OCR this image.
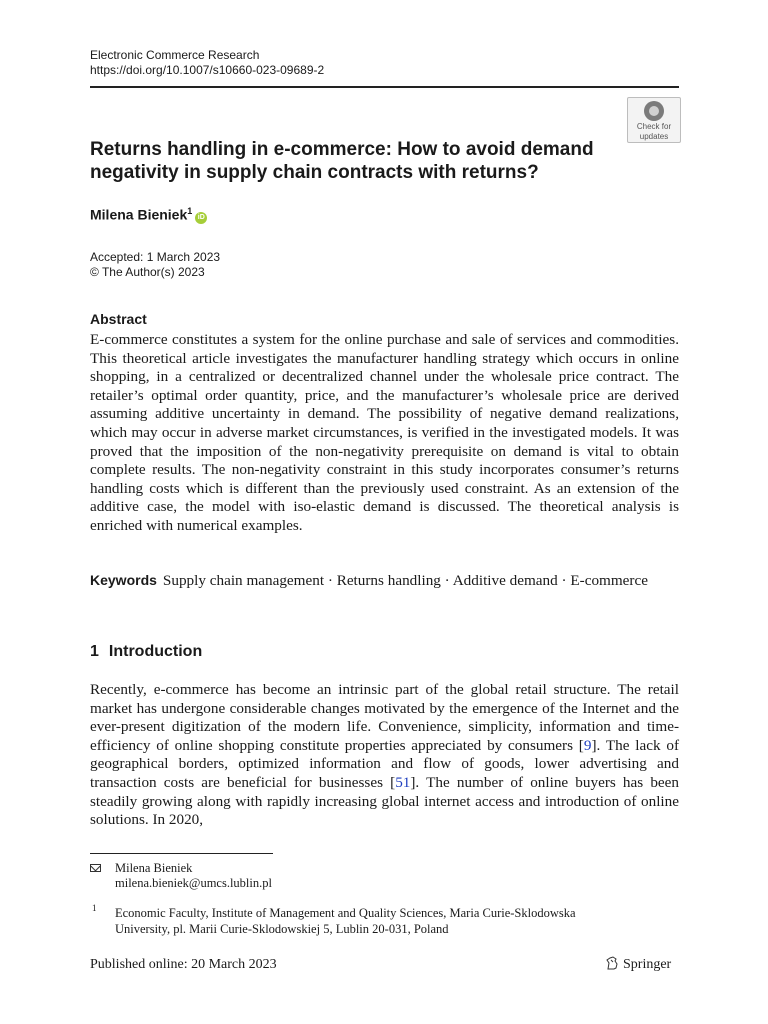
Electronic Commerce Research
https://doi.org/10.1007/s10660-023-09689-2
Check for
updates
Returns handling in e-commerce: How to avoid demand negativity in supply chain contracts with returns?
Milena Bieniek$^1$iD
Accepted: 1 March 2023
© The Author(s) 2023
Abstract
E-commerce constitutes a system for the online purchase and sale of services and commodities. This theoretical article investigates the manufacturer handling strategy which occurs in online shopping, in a centralized or decentralized channel under the wholesale price contract. The retailer’s optimal order quantity, price, and the manufacturer’s wholesale price are derived assuming additive uncertainty in demand. The possibility of negative demand realizations, which may occur in adverse market circumstances, is verified in the investigated models. It was proved that the imposition of the non-negativity prerequisite on demand is vital to obtain complete results. The non-negativity constraint in this study incorporates consumer’s returns handling costs which is different than the previously used constraint. As an extension of the additive case, the model with iso-elastic demand is discussed. The theoretical analysis is enriched with numerical examples.
Keywords Supply chain management · Returns handling · Additive demand · E-commerce
1 Introduction
Recently, e-commerce has become an intrinsic part of the global retail structure. The retail market has undergone considerable changes motivated by the emergence of the Internet and the ever-present digitization of the modern life. Convenience, simplicity, information and time-efficiency of online shopping constitute properties appreciated by consumers [9]. The lack of geographical borders, optimized information and flow of goods, lower advertising and transaction costs are beneficial for businesses [51]. The number of online buyers has been steadily growing along with rapidly increasing global internet access and introduction of online solutions. In 2020,
Milena Bieniek
milena.bieniek@umcs.lublin.pl
1 Economic Faculty, Institute of Management and Quality Sciences, Maria Curie-Sklodowska
University, pl. Marii Curie-Sklodowskiej 5, Lublin 20-031, Poland
Published online: 20 March 2023	Springer
